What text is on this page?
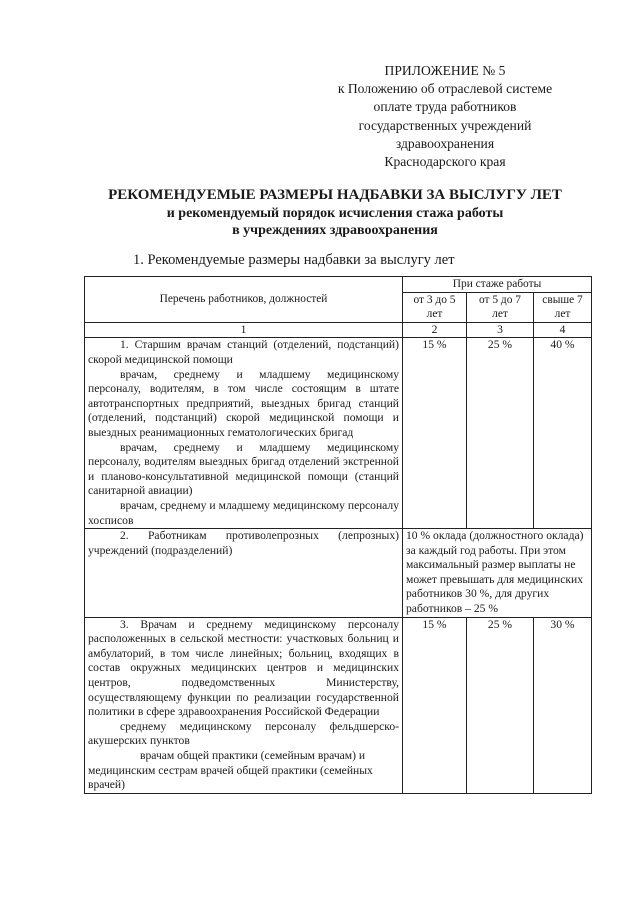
ПРИЛОЖЕНИЕ № 5
к Положению об отраслевой системе
оплате труда работников
государственных учреждений
здравоохранения
Краснодарского края
РЕКОМЕНДУЕМЫЕ РАЗМЕРЫ НАДБАВКИ ЗА ВЫСЛУГУ ЛЕТ
и рекомендуемый порядок исчисления стажа работы
в учреждениях здравоохранения
1. Рекомендуемые размеры надбавки за выслугу лет
Перечень работников, должностей	При стаже работы		
	от 3 до 5 лет	от 5 до 7 лет	свыше 7 лет
1	2	3	4

1. Старшим врачам станций (отделений, подстанций) скорой медицинской помощи
врачам, среднему и младшему медицинскому персоналу, водителям, в том числе состоящим в штате автотранспортных предприятий, выездных бригад станций (отделений, подстанций) скорой медицинской помощи и выездных реанимационных гематологических бригад
врачам, среднему и младшему медицинскому персоналу, водителям выездных бригад отделений экстренной и планово-консультативной медицинской помощи (станций санитарной авиации)
врачам, среднему и младшему медицинскому персоналу хосписов	15 %	25 %	40 %

2. Работникам противолепрозных (лепрозных) учреждений (подразделений)	10 % оклада (должностного оклада) за каждый год работы. При этом максимальный размер выплаты не может превышать для медицинских работников 30 %, для других работников – 25 %		

3. Врачам и среднему медицинскому персоналу расположенных в сельской местности: участковых больниц и амбулаторий, в том числе линейных; больниц, входящих в состав окружных медицинских центров и медицинских центров, подведомственных Министерству, осуществляющему функции по реализации государственной политики в сфере здравоохранения Российской Федерации
среднему медицинскому персоналу фельдшерско-акушерских пунктов
врачам общей практики (семейным врачам) и медицинским сестрам врачей общей практики (семейных врачей)	15 %	25 %	30 %
